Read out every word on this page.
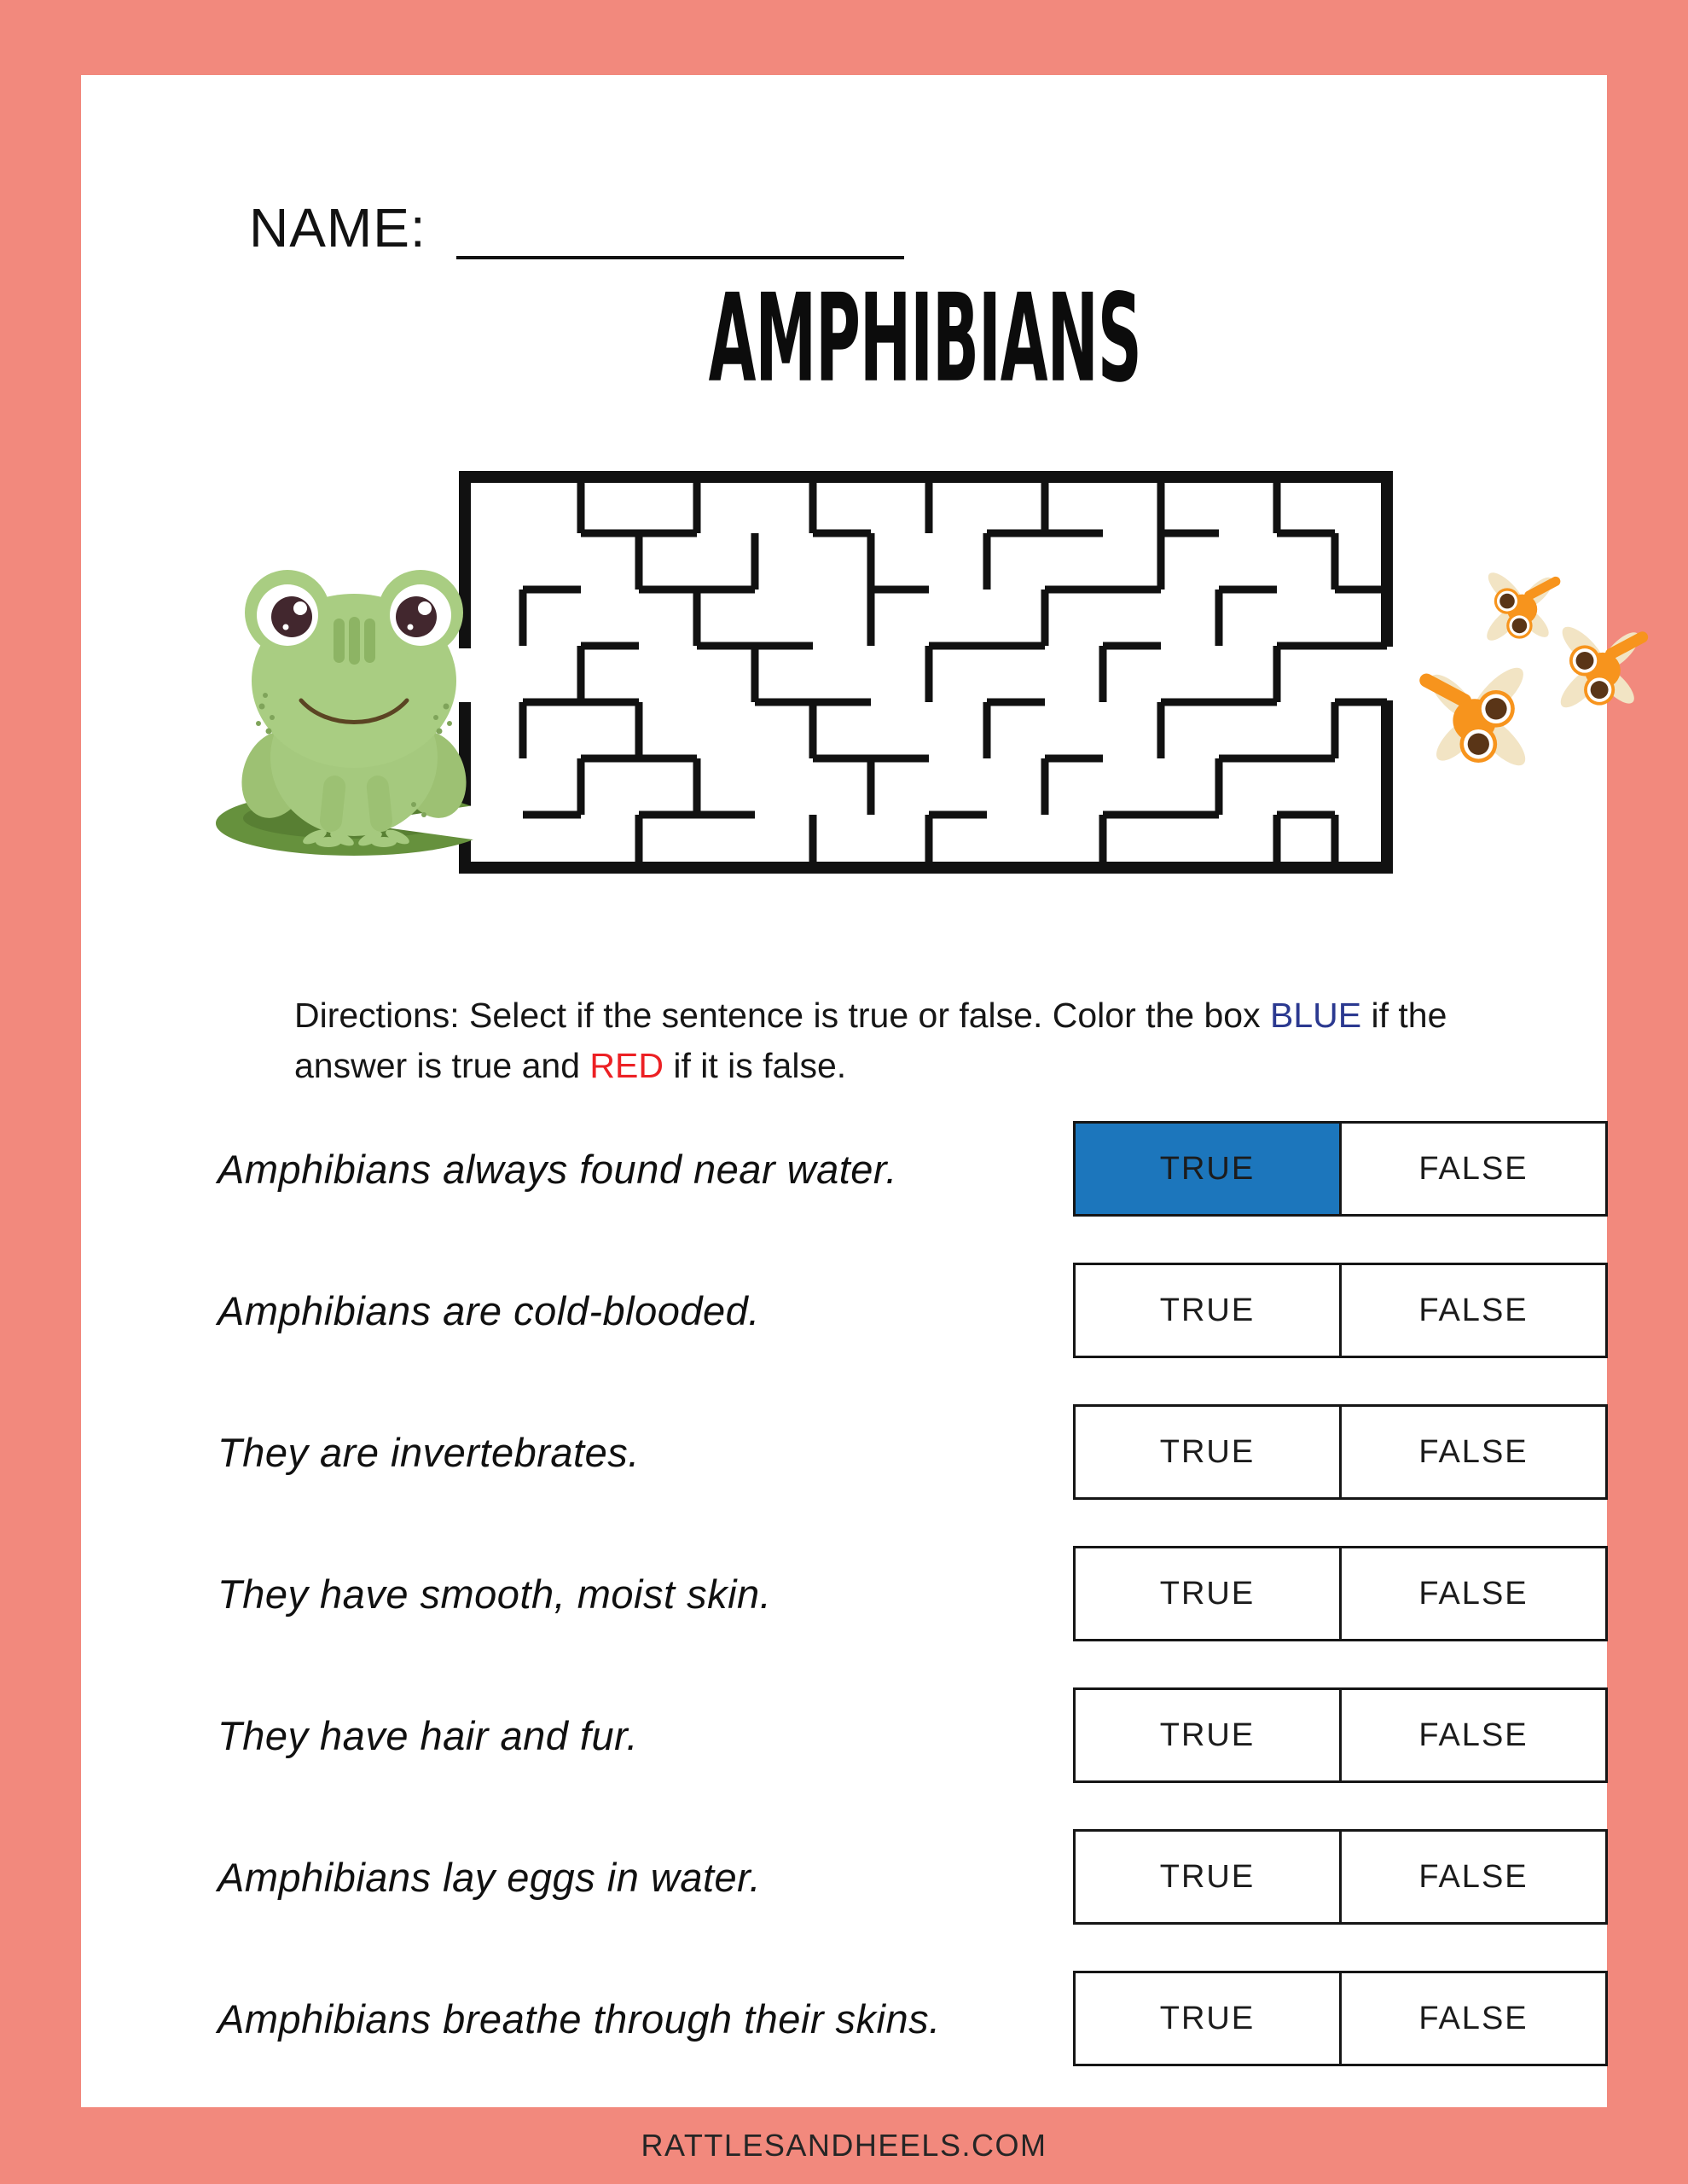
NAME:
AMPHIBIANS

Directions: Select if the sentence is true or false. Color the box BLUE if the answer is true and RED if it is false.

Amphibians always found near water.	TRUE	FALSE
Amphibians are cold-blooded.	TRUE	FALSE
They are invertebrates.	TRUE	FALSE
They have smooth, moist skin.	TRUE	FALSE
They have hair and fur.	TRUE	FALSE
Amphibians lay eggs in water.	TRUE	FALSE
Amphibians breathe through their skins.	TRUE	FALSE
RATTLESANDHEELS.COM
